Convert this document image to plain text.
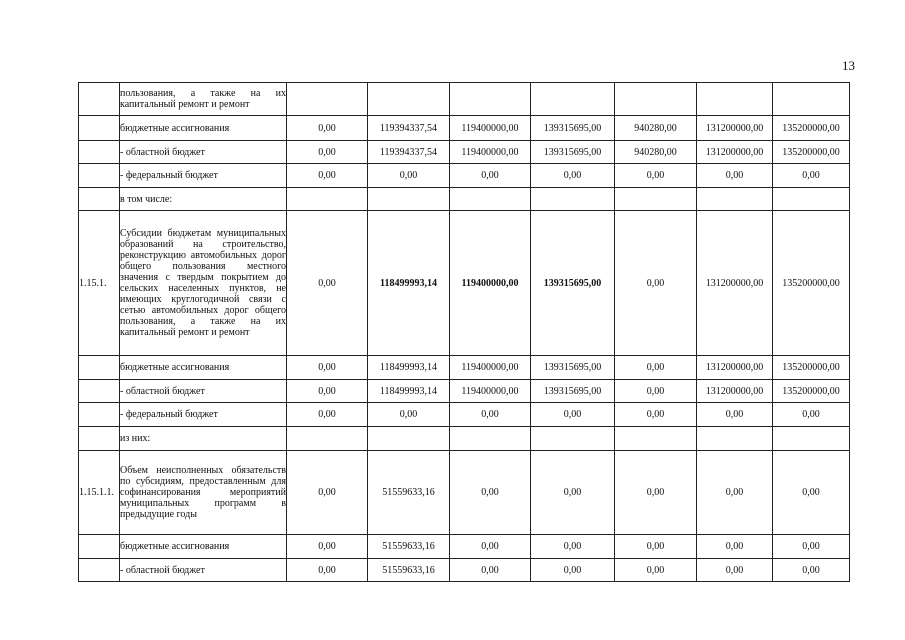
13
	пользования, а также на их капитальный ремонт и ремонт							
	бюджетные ассигнования	0,00	119394337,54	119400000,00	139315695,00	940280,00	131200000,00	135200000,00
	- областной бюджет	0,00	119394337,54	119400000,00	139315695,00	940280,00	131200000,00	135200000,00
	- федеральный бюджет	0,00	0,00	0,00	0,00	0,00	0,00	0,00
	в том числе:							
1.15.1.	Субсидии бюджетам муниципальных образований на строительство, реконструкцию автомобильных дорог общего пользования местного значения с твердым покрытием до сельских населенных пунктов, не имеющих круглогодичной связи с сетью автомобильных дорог общего пользования, а также на их капитальный ремонт и ремонт	0,00	118499993,14	119400000,00	139315695,00	0,00	131200000,00	135200000,00
	бюджетные ассигнования	0,00	118499993,14	119400000,00	139315695,00	0,00	131200000,00	135200000,00
	- областной бюджет	0,00	118499993,14	119400000,00	139315695,00	0,00	131200000,00	135200000,00
	- федеральный бюджет	0,00	0,00	0,00	0,00	0,00	0,00	0,00
	из них:							
1.15.1.1.	Объем неисполненных обязательств по субсидиям, предоставленным для софинансирования мероприятий муниципальных программ в предыдущие годы	0,00	51559633,16	0,00	0,00	0,00	0,00	0,00
	бюджетные ассигнования	0,00	51559633,16	0,00	0,00	0,00	0,00	0,00
	- областной бюджет	0,00	51559633,16	0,00	0,00	0,00	0,00	0,00
